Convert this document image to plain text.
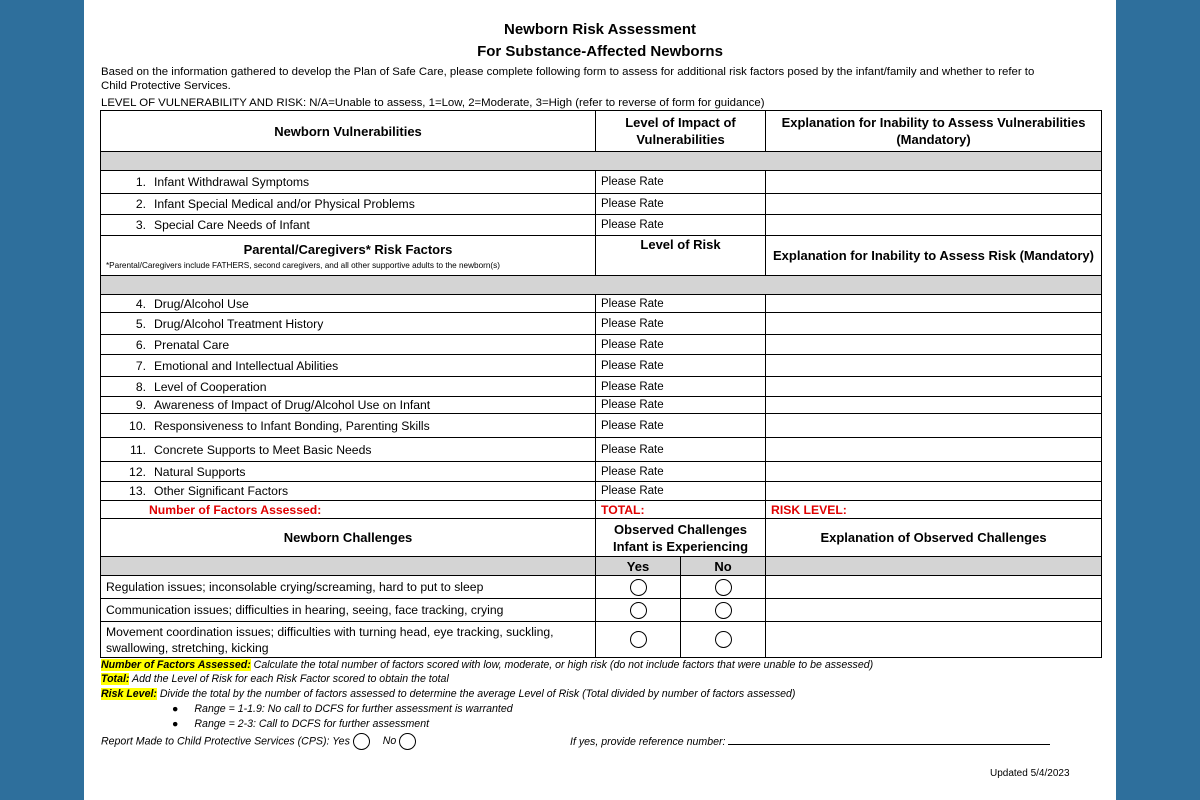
Newborn Risk Assessment
For Substance-Affected Newborns
Based on the information gathered to develop the Plan of Safe Care, please complete following form to assess for additional risk factors posed by the infant/family and whether to refer to
Child Protective Services.
LEVEL OF VULNERABILITY AND RISK: N/A=Unable to assess, 1=Low, 2=Moderate, 3=High (refer to reverse of form for guidance)
Newborn Vulnerabilities	Level of Impact of Vulnerabilities		Explanation for Inability to Assess Vulnerabilities (Mandatory)

1. Infant Withdrawal Symptoms	Please Rate		
2. Infant Special Medical and/or Physical Problems	Please Rate		
3. Special Care Needs of Infant	Please Rate		
Parental/Caregivers* Risk Factors
*Parental/Caregivers include FATHERS, second caregivers, and all other supportive adults to the newborn(s)	Level of Risk		Explanation for Inability to Assess Risk (Mandatory)

4. Drug/Alcohol Use	Please Rate		
5. Drug/Alcohol Treatment History	Please Rate		
6. Prenatal Care	Please Rate		
7. Emotional and Intellectual Abilities	Please Rate		
8. Level of Cooperation	Please Rate		
9. Awareness of Impact of Drug/Alcohol Use on Infant	Please Rate		
10. Responsiveness to Infant Bonding, Parenting Skills	Please Rate		
11. Concrete Supports to Meet Basic Needs	Please Rate		
12. Natural Supports	Please Rate		
13. Other Significant Factors	Please Rate		
Number of Factors Assessed:	TOTAL:		RISK LEVEL:
Newborn Challenges	Observed Challenges Infant is Experiencing		Explanation of Observed Challenges
	Yes	No	
Regulation issues; inconsolable crying/screaming, hard to put to sleep			
Communication issues; difficulties in hearing, seeing, face tracking, crying			
Movement coordination issues; difficulties with turning head, eye tracking, suckling, swallowing, stretching, kicking			
Number of Factors Assessed: Calculate the total number of factors scored with low, moderate, or high risk (do not include factors that were unable to be assessed)
Total: Add the Level of Risk for each Risk Factor scored to obtain the total
Risk Level: Divide the total by the number of factors assessed to determine the average Level of Risk (Total divided by number of factors assessed)
● Range = 1-1.9: No call to DCFS for further assessment is warranted
● Range = 2-3: Call to DCFS for further assessment
Report Made to Child Protective Services (CPS): Yes	No	If yes, provide reference number:
Updated 5/4/2023
